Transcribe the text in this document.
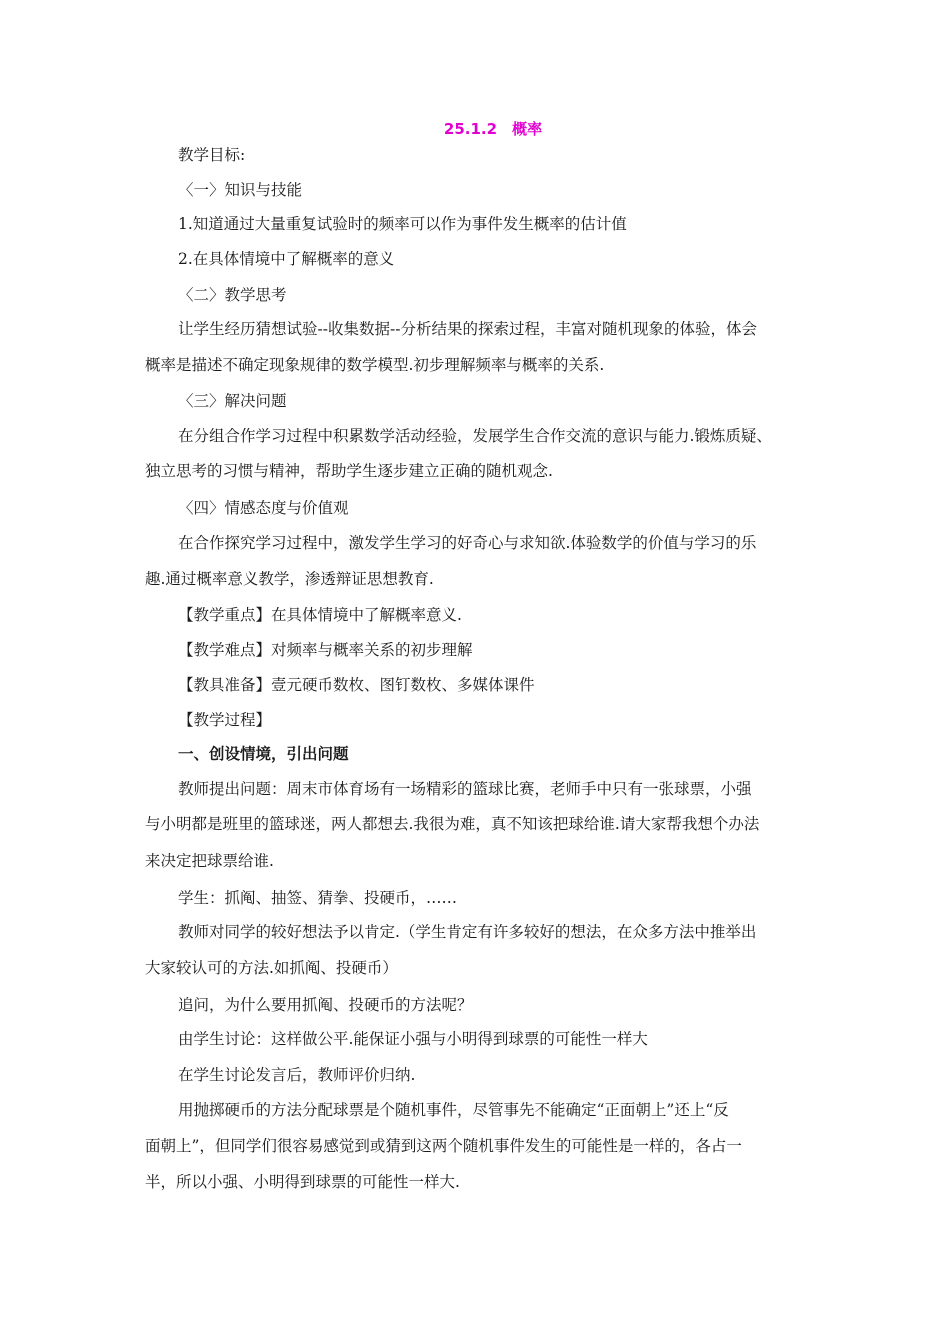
25.1.2　概率
教学目标:
〈一〉知识与技能
1.知道通过大量重复试验时的频率可以作为事件发生概率的估计值
2.在具体情境中了解概率的意义
〈二〉教学思考
让学生经历猜想试验--收集数据--分析结果的探索过程，丰富对随机现象的体验，体会
概率是描述不确定现象规律的数学模型.初步理解频率与概率的关系.
〈三〉解决问题
在分组合作学习过程中积累数学活动经验，发展学生合作交流的意识与能力.锻炼质疑、
独立思考的习惯与精神，帮助学生逐步建立正确的随机观念.
〈四〉情感态度与价值观
在合作探究学习过程中，激发学生学习的好奇心与求知欲.体验数学的价值与学习的乐
趣.通过概率意义教学，渗透辩证思想教育.
【教学重点】在具体情境中了解概率意义.
【教学难点】对频率与概率关系的初步理解
【教具准备】壹元硬币数枚、图钉数枚、多媒体课件
【教学过程】
一、创设情境，引出问题
教师提出问题：周末市体育场有一场精彩的篮球比赛，老师手中只有一张球票，小强
与小明都是班里的篮球迷，两人都想去.我很为难，真不知该把球给谁.请大家帮我想个办法
来决定把球票给谁.
学生：抓阄、抽签、猜拳、投硬币，……
教师对同学的较好想法予以肯定.（学生肯定有许多较好的想法，在众多方法中推举出
大家较认可的方法.如抓阄、投硬币）
追问，为什么要用抓阄、投硬币的方法呢？
由学生讨论：这样做公平.能保证小强与小明得到球票的可能性一样大
在学生讨论发言后，教师评价归纳.
用抛掷硬币的方法分配球票是个随机事件，尽管事先不能确定“正面朝上”还上“反
面朝上”，但同学们很容易感觉到或猜到这两个随机事件发生的可能性是一样的，各占一
半，所以小强、小明得到球票的可能性一样大.
